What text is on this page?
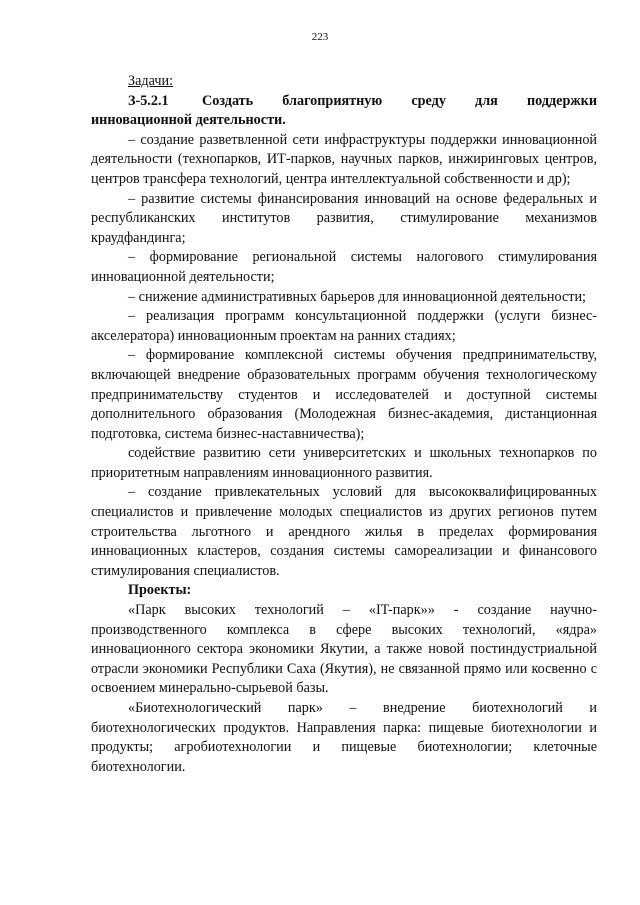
223

Задачи:

З-5.2.1	Создать благоприятную среду для поддержки

инновационной деятельности.

– создание разветвленной сети инфраструктуры поддержки инновационной деятельности (технопарков, ИТ-парков, научных парков, инжиринговых центров, центров трансфера технологий, центра интеллектуальной собственности и др);

– развитие системы финансирования инноваций на основе федеральных и республиканских институтов развития, стимулирование механизмов краудфандинга;

– формирование региональной системы налогового стимулирования инновационной деятельности;

– снижение административных барьеров для инновационной деятельности;

– реализация программ консультационной поддержки (услуги бизнес-акселератора) инновационным проектам на ранних стадиях;

– формирование комплексной системы обучения предпринимательству, включающей внедрение образовательных программ обучения технологическому предпринимательству студентов и исследователей и доступной системы дополнительного образования (Молодежная бизнес-академия, дистанционная подготовка, система бизнес-наставничества);

содействие развитию сети университетских и школьных технопарков по приоритетным направлениям инновационного развития.

– создание привлекательных условий для высококвалифицированных специалистов и привлечение молодых специалистов из других регионов путем строительства льготного и арендного жилья в пределах формирования инновационных кластеров, создания системы самореализации и финансового стимулирования специалистов.

Проекты:

«Парк высоких технологий – «IT-парк»» - создание научно-производственного комплекса в сфере высоких технологий, «ядра» инновационного сектора экономики Якутии, а также новой постиндустриальной отрасли экономики Республики Саха (Якутия), не связанной прямо или косвенно с освоением минерально-сырьевой базы.

«Биотехнологический парк» – внедрение биотехнологий и биотехнологических продуктов. Направления парка: пищевые биотехнологии и продукты; агробиотехнологии и пищевые биотехнологии; клеточные биотехнологии.
